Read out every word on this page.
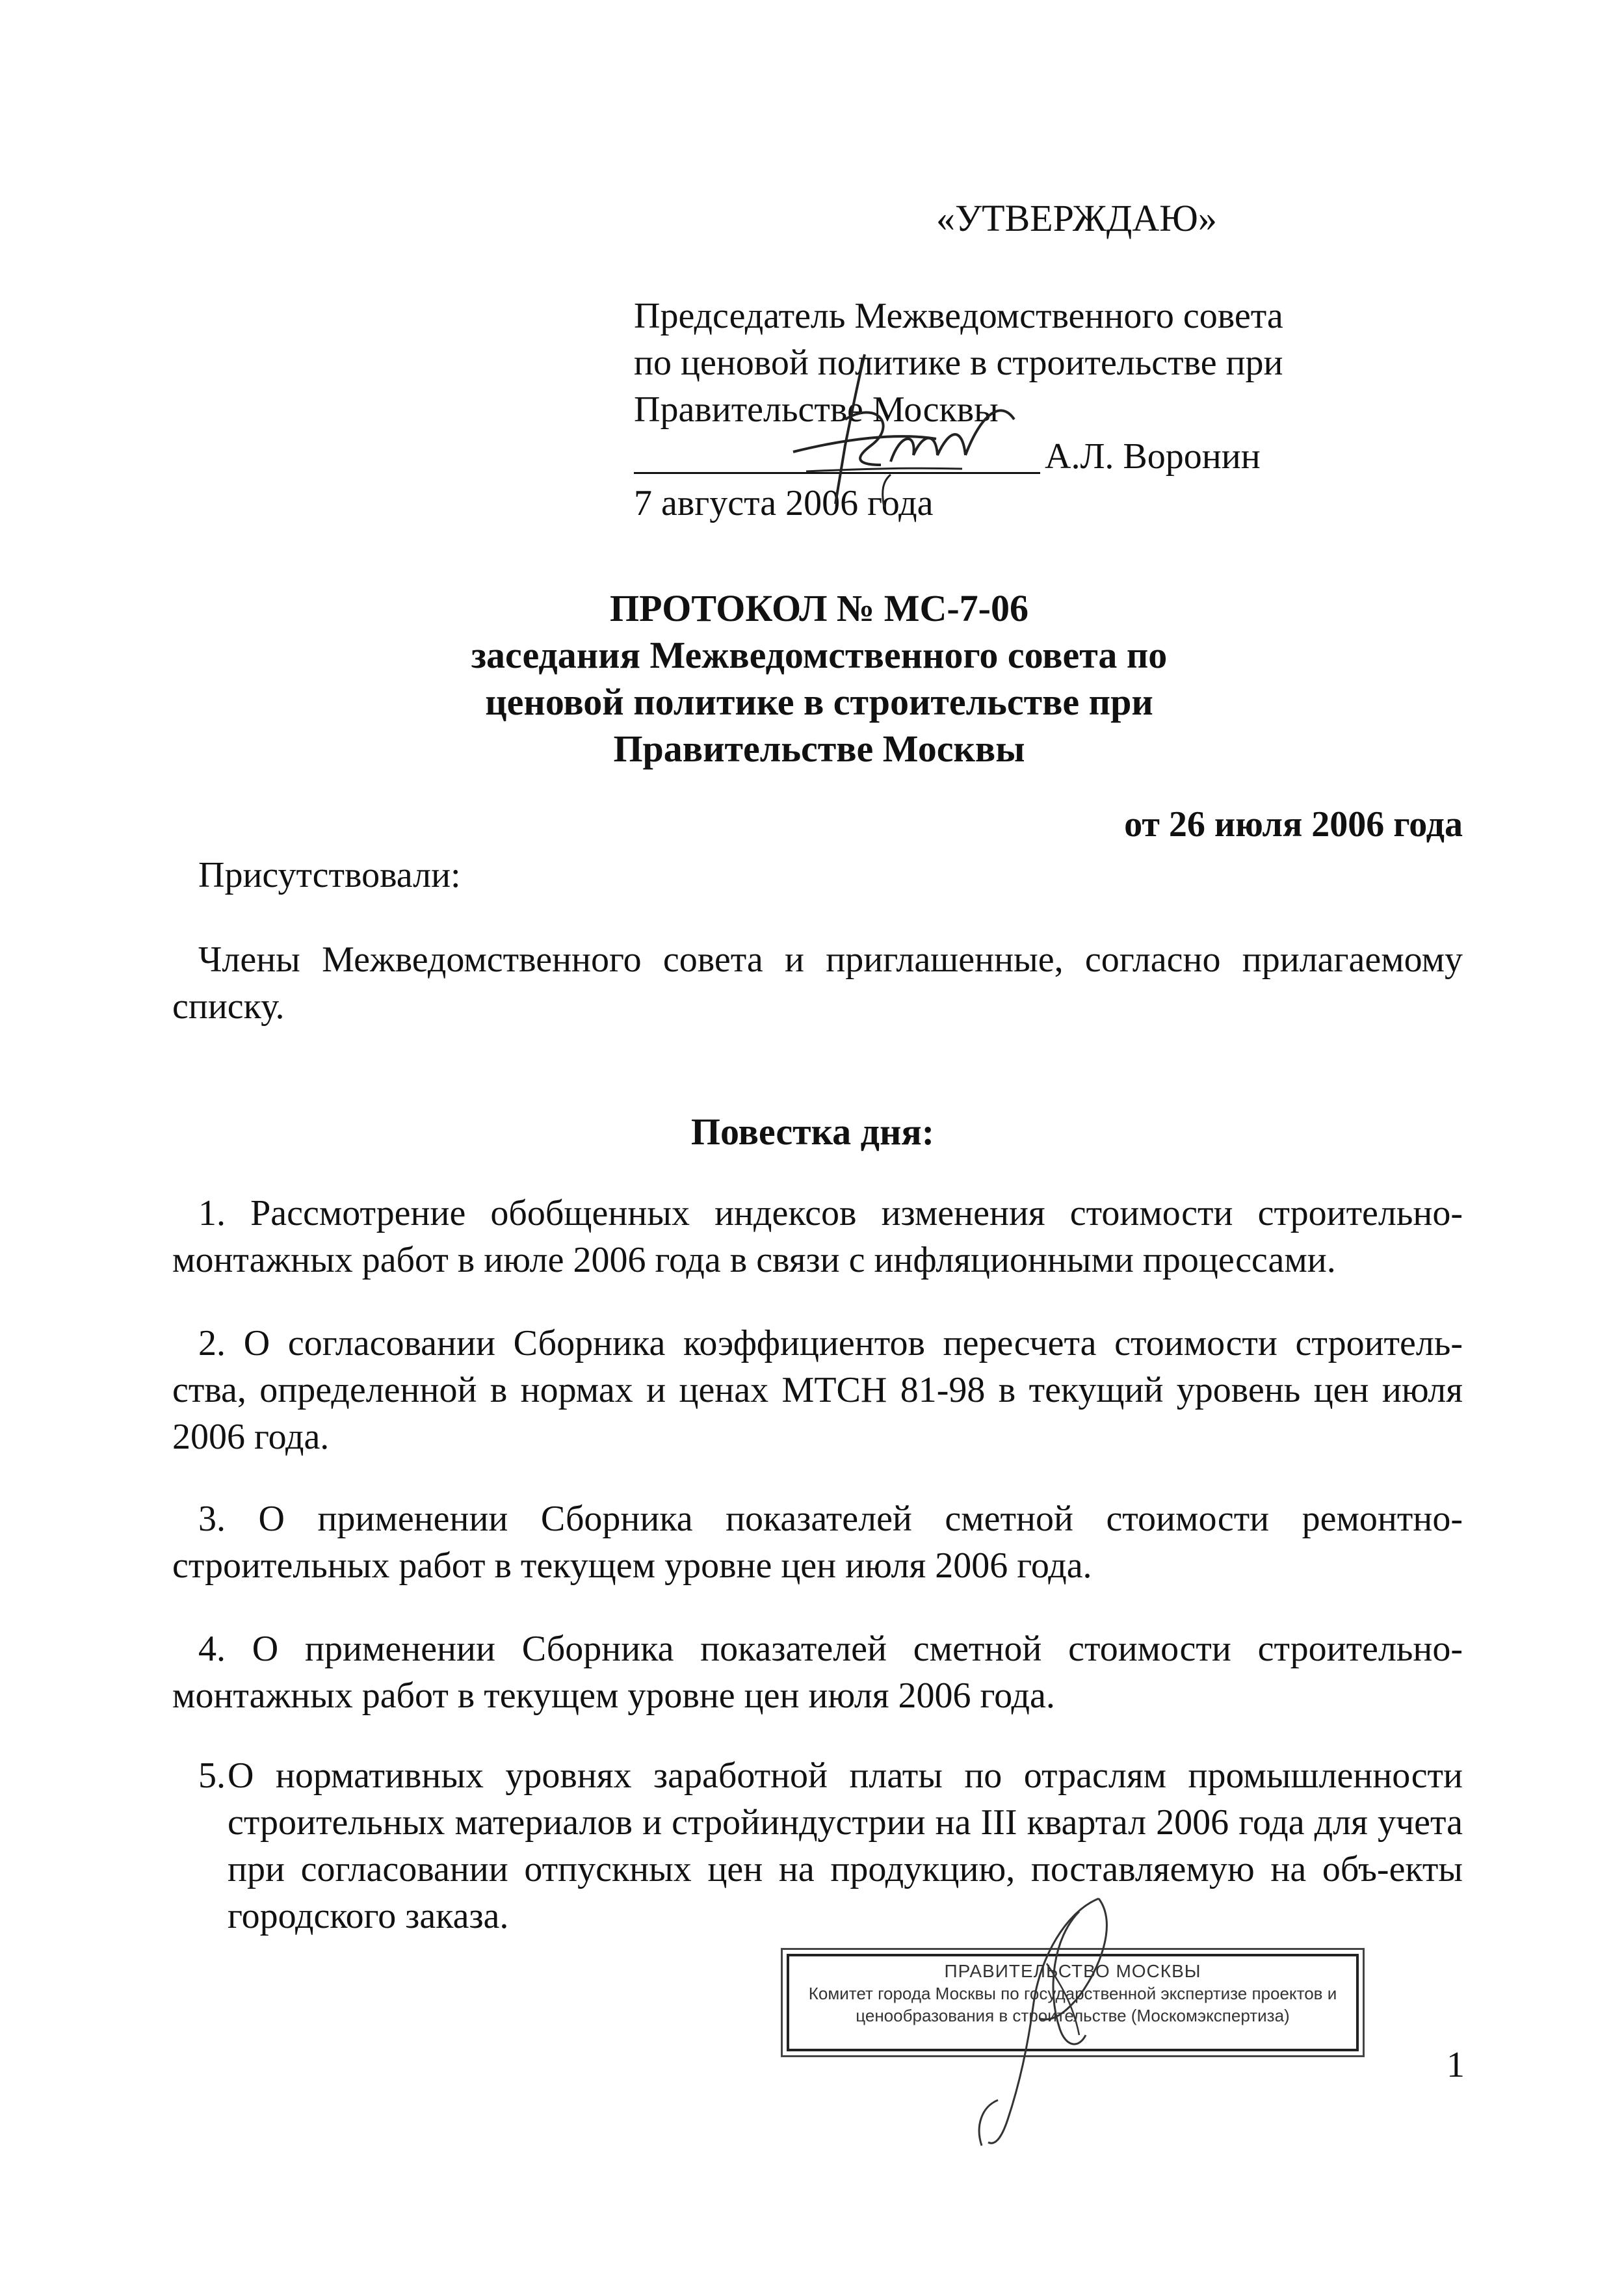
«УТВЕРЖДАЮ»
Председатель Межведомственного совета
по ценовой политике в строительстве при
Правительстве Москвы
А.Л. Воронин
7 августа 2006 года
ПРОТОКОЛ № МС-7-06
заседания Межведомственного совета по
ценовой политике в строительстве при
Правительстве Москвы
от 26 июля 2006 года
Присутствовали:
Члены Межведомственного совета и приглашенные, согласно прилагаемому списку.
Повестка дня:
1. Рассмотрение обобщенных индексов изменения стоимости строительно-монтажных работ в июле 2006 года в связи с инфляционными процессами.
2. О согласовании Сборника коэффициентов пересчета стоимости строитель-ства, определенной в нормах и ценах МТСН 81-98 в текущий уровень цен июля 2006 года.
3. О применении Сборника показателей сметной стоимости ремонтно-строительных работ в текущем уровне цен июля 2006 года.
4. О применении Сборника показателей сметной стоимости строительно-монтажных работ в текущем уровне цен июля 2006 года.
5. О нормативных уровнях заработной платы по отраслям промышленности строительных материалов и стройиндустрии на III квартал 2006 года для учета при согласовании отпускных цен на продукцию, поставляемую на объ-екты городского заказа.
ПРАВИТЕЛЬСТВО МОСКВЫ
Комитет города Москвы по государственной экспертизе проектов и
ценообразования в строительстве (Москомэкспертиза)
1
